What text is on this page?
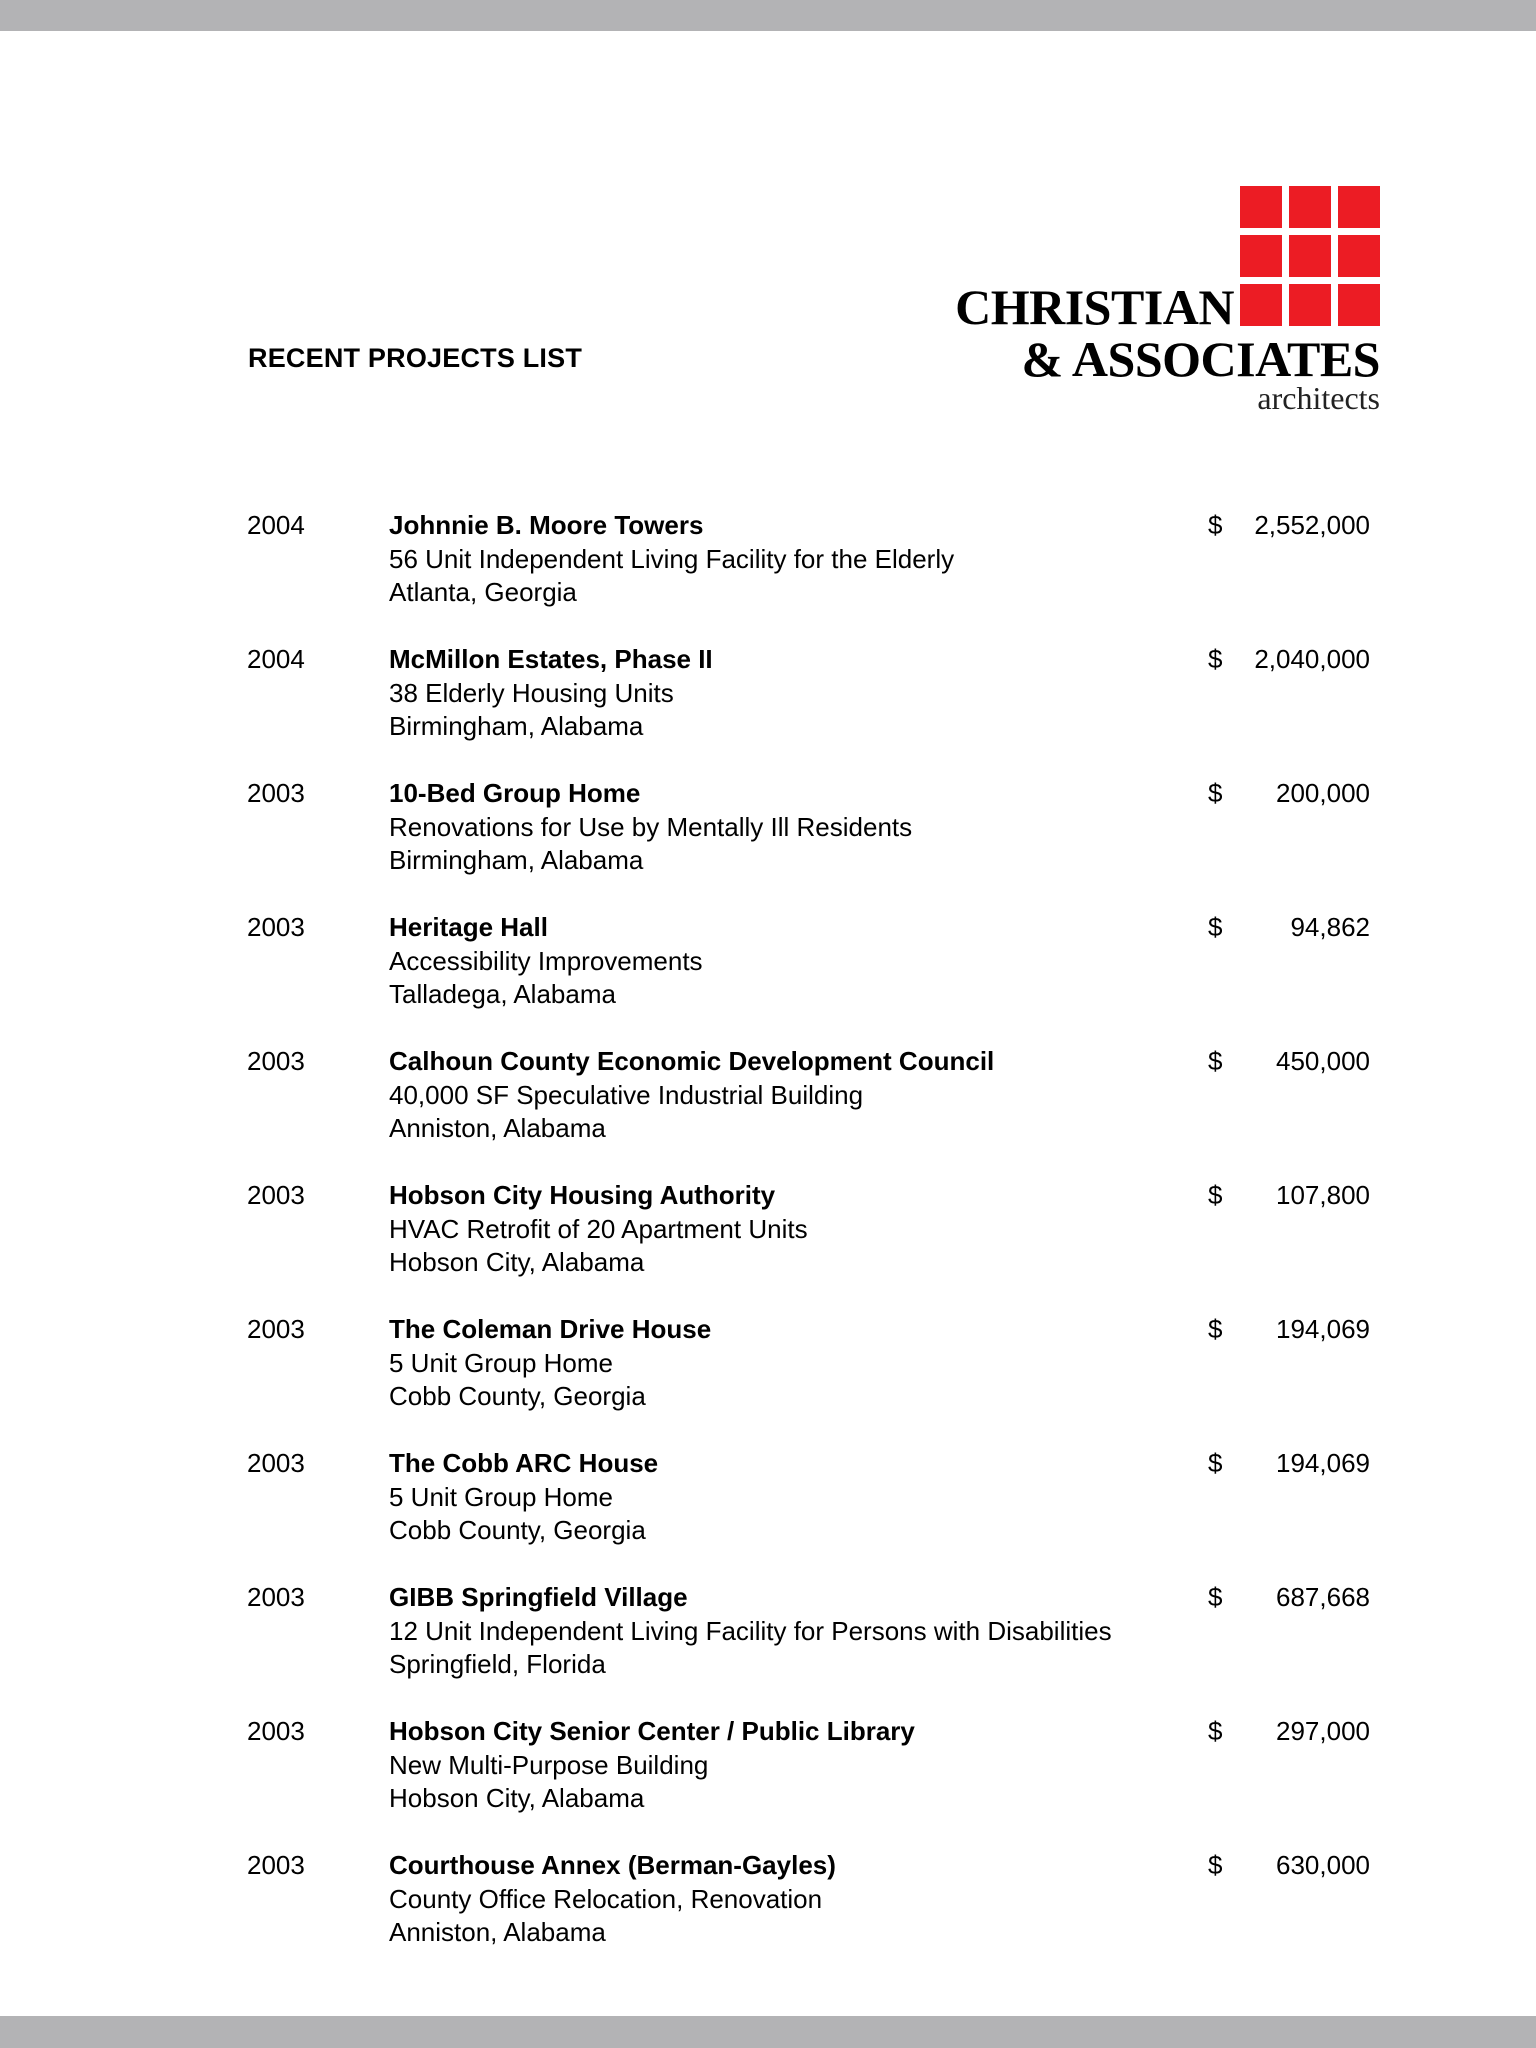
CHRISTIAN
& ASSOCIATES
architects
RECENT PROJECTS LIST
2004	Johnnie B. Moore Towers
56 Unit Independent Living Facility for the Elderly
Atlanta, Georgia
$ 2,552,000
2004	McMillon Estates, Phase II
38 Elderly Housing Units
Birmingham, Alabama
$ 2,040,000
2003	10-Bed Group Home
Renovations for Use by Mentally Ill Residents
Birmingham, Alabama
$ 200,000
2003	Heritage Hall
Accessibility Improvements
Talladega, Alabama
$	94,862
2003	Calhoun County Economic Development Council
40,000 SF Speculative Industrial Building
Anniston, Alabama
$ 450,000
2003	Hobson City Housing Authority
HVAC Retrofit of 20 Apartment Units
Hobson City, Alabama
$ 107,800
2003	The Coleman Drive House
5 Unit Group Home
Cobb County, Georgia
$ 194,069
2003	The Cobb ARC House
5 Unit Group Home
Cobb County, Georgia
$ 194,069
2003	GIBB Springfield Village
12 Unit Independent Living Facility for Persons with Disabilities
Springfield, Florida
$ 687,668
2003	Hobson City Senior Center / Public Library
New Multi-Purpose Building
Hobson City, Alabama
$ 297,000
2003	Courthouse Annex (Berman-Gayles)
County Office Relocation, Renovation
Anniston, Alabama
$ 630,000
